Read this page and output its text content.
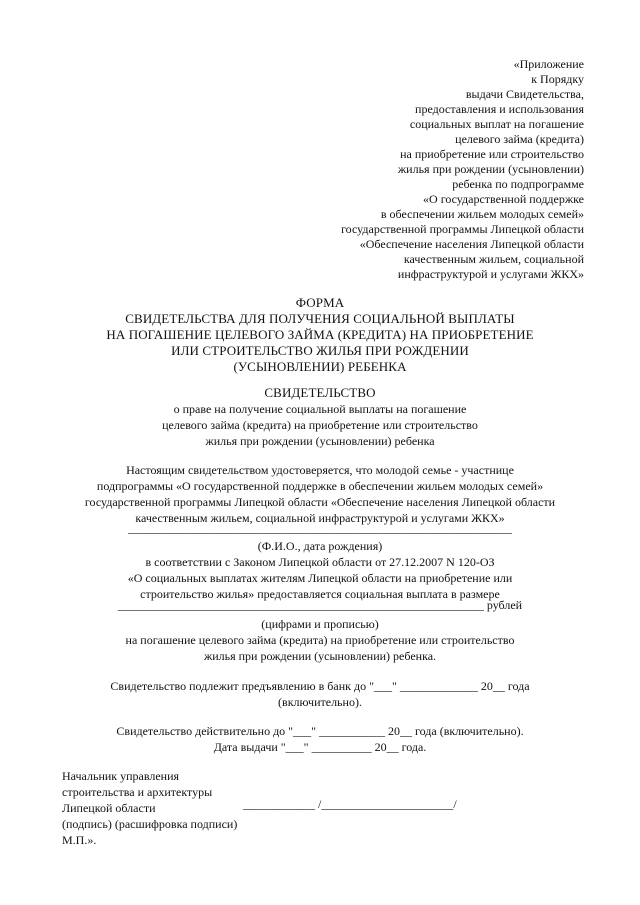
«Приложение
к Порядку
выдачи Свидетельства,
предоставления и использования
социальных выплат на погашение
целевого займа (кредита)
на приобретение или строительство
жилья при рождении (усыновлении)
ребенка по подпрограмме
«О государственной поддержке
в обеспечении жильем молодых семей»
государственной программы Липецкой области
«Обеспечение населения Липецкой области
качественным жильем, социальной
инфраструктурой и услугами ЖКХ»
ФОРМА
СВИДЕТЕЛЬСТВА ДЛЯ ПОЛУЧЕНИЯ СОЦИАЛЬНОЙ ВЫПЛАТЫ
НА ПОГАШЕНИЕ ЦЕЛЕВОГО ЗАЙМА (КРЕДИТА) НА ПРИОБРЕТЕНИЕ
ИЛИ СТРОИТЕЛЬСТВО ЖИЛЬЯ ПРИ РОЖДЕНИИ
(УСЫНОВЛЕНИИ) РЕБЕНКА
СВИДЕТЕЛЬСТВО
о праве на получение социальной выплаты на погашение
целевого займа (кредита) на приобретение или строительство
жилья при рождении (усыновлении) ребенка
Настоящим свидетельством удостоверяется, что молодой семье - участнице
подпрограммы «О государственной поддержке в обеспечении жильем молодых семей»
государственной программы Липецкой области «Обеспечение населения Липецкой области
качественным жильем, социальной инфраструктурой и услугами ЖКХ»
________________________________________________________________
(Ф.И.О., дата рождения)
в соответствии с Законом Липецкой области от 27.12.2007 N 120-ОЗ
«О социальных выплатах жителям Липецкой области на приобретение или
строительство жилья» предоставляется социальная выплата в размере
_____________________________________________________________ рублей
(цифрами и прописью)
на погашение целевого займа (кредита) на приобретение или строительство
жилья при рождении (усыновлении) ребенка.
Свидетельство подлежит предъявлению в банк до "___" _____________ 20__ года
(включительно).
Свидетельство действительно до "___" ___________ 20__ года (включительно).
Дата выдачи "___" __________ 20__ года.
Начальник управления
строительства и архитектуры
Липецкой области	____________ /______________________/
(подпись) (расшифровка подписи)
М.П.».
